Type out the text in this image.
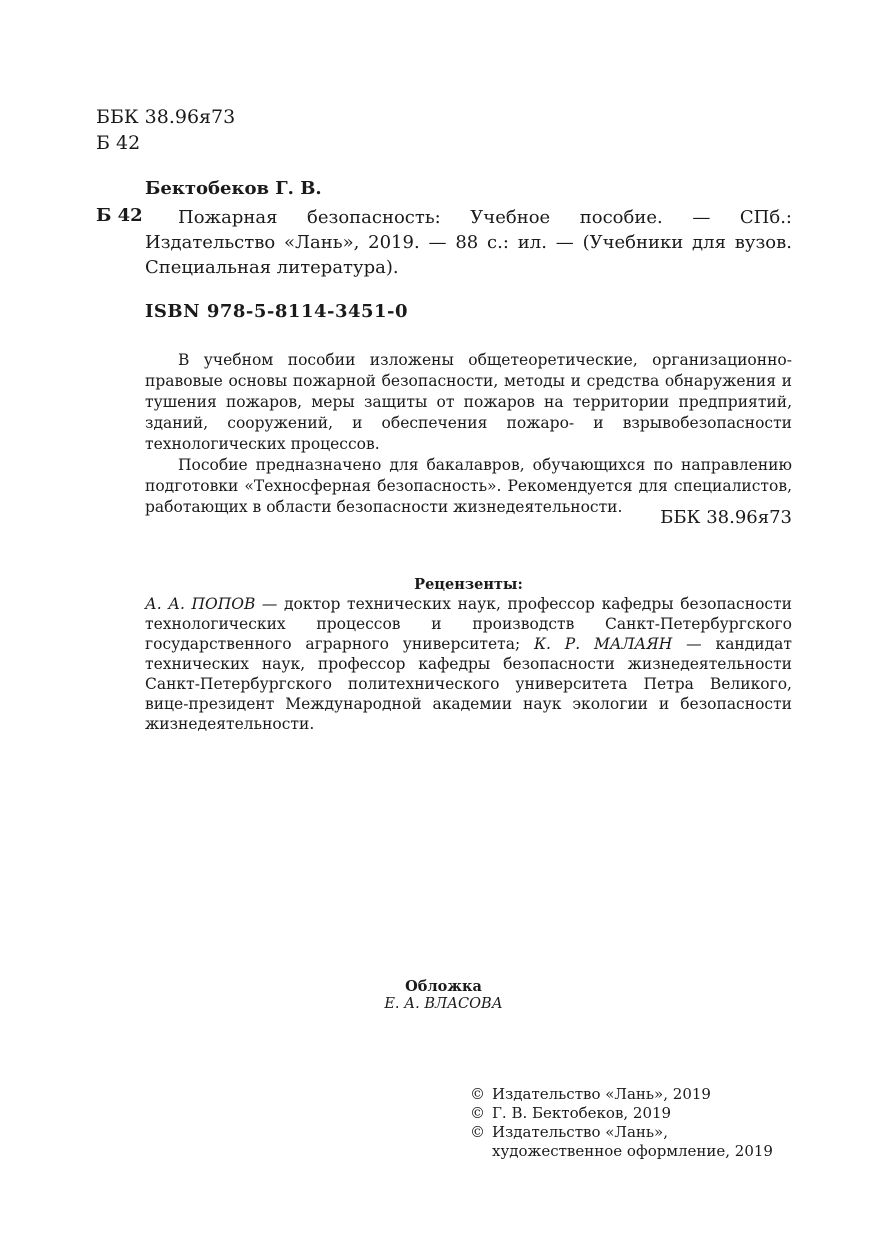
ББК 38.96я73
Б 42
Бектобеков Г. В.
Б 42	Пожарная безопасность: Учебное пособие. — СПб.: Издательство «Лань», 2019. — 88 с.: ил. — (Учебники для вузов. Специальная литература).
ISBN 978-5-8114-3451-0

В учебном пособии изложены общетеоретические, организационно-правовые основы пожарной безопасности, методы и средства обнаружения и тушения пожаров, меры защиты от пожаров на территории предприятий, зданий, сооружений, и обеспечения пожаро- и взрывобезопасности технологических процессов.

Пособие предназначено для бакалавров, обучающихся по направлению подготовки «Техносферная безопасность». Рекомендуется для специалистов, работающих в области безопасности жизнедеятельности.	ББК 38.96я73
Рецензенты:
А. А. ПОПОВ — доктор технических наук, профессор кафедры безопасности технологических процессов и производств Санкт-Петербургского государственного аграрного университета; К. Р. МАЛАЯН — кандидат технических наук, профессор кафедры безопасности жизнедеятельности Санкт-Петербургского политехнического университета Петра Великого, вице-президент Международной академии наук экологии и безопасности жизнедеятельности.
Обложка
Е. А. ВЛАСОВА
© Издательство «Лань», 2019
© Г. В. Бектобеков, 2019
© Издательство «Лань»,
художественное оформление, 2019
